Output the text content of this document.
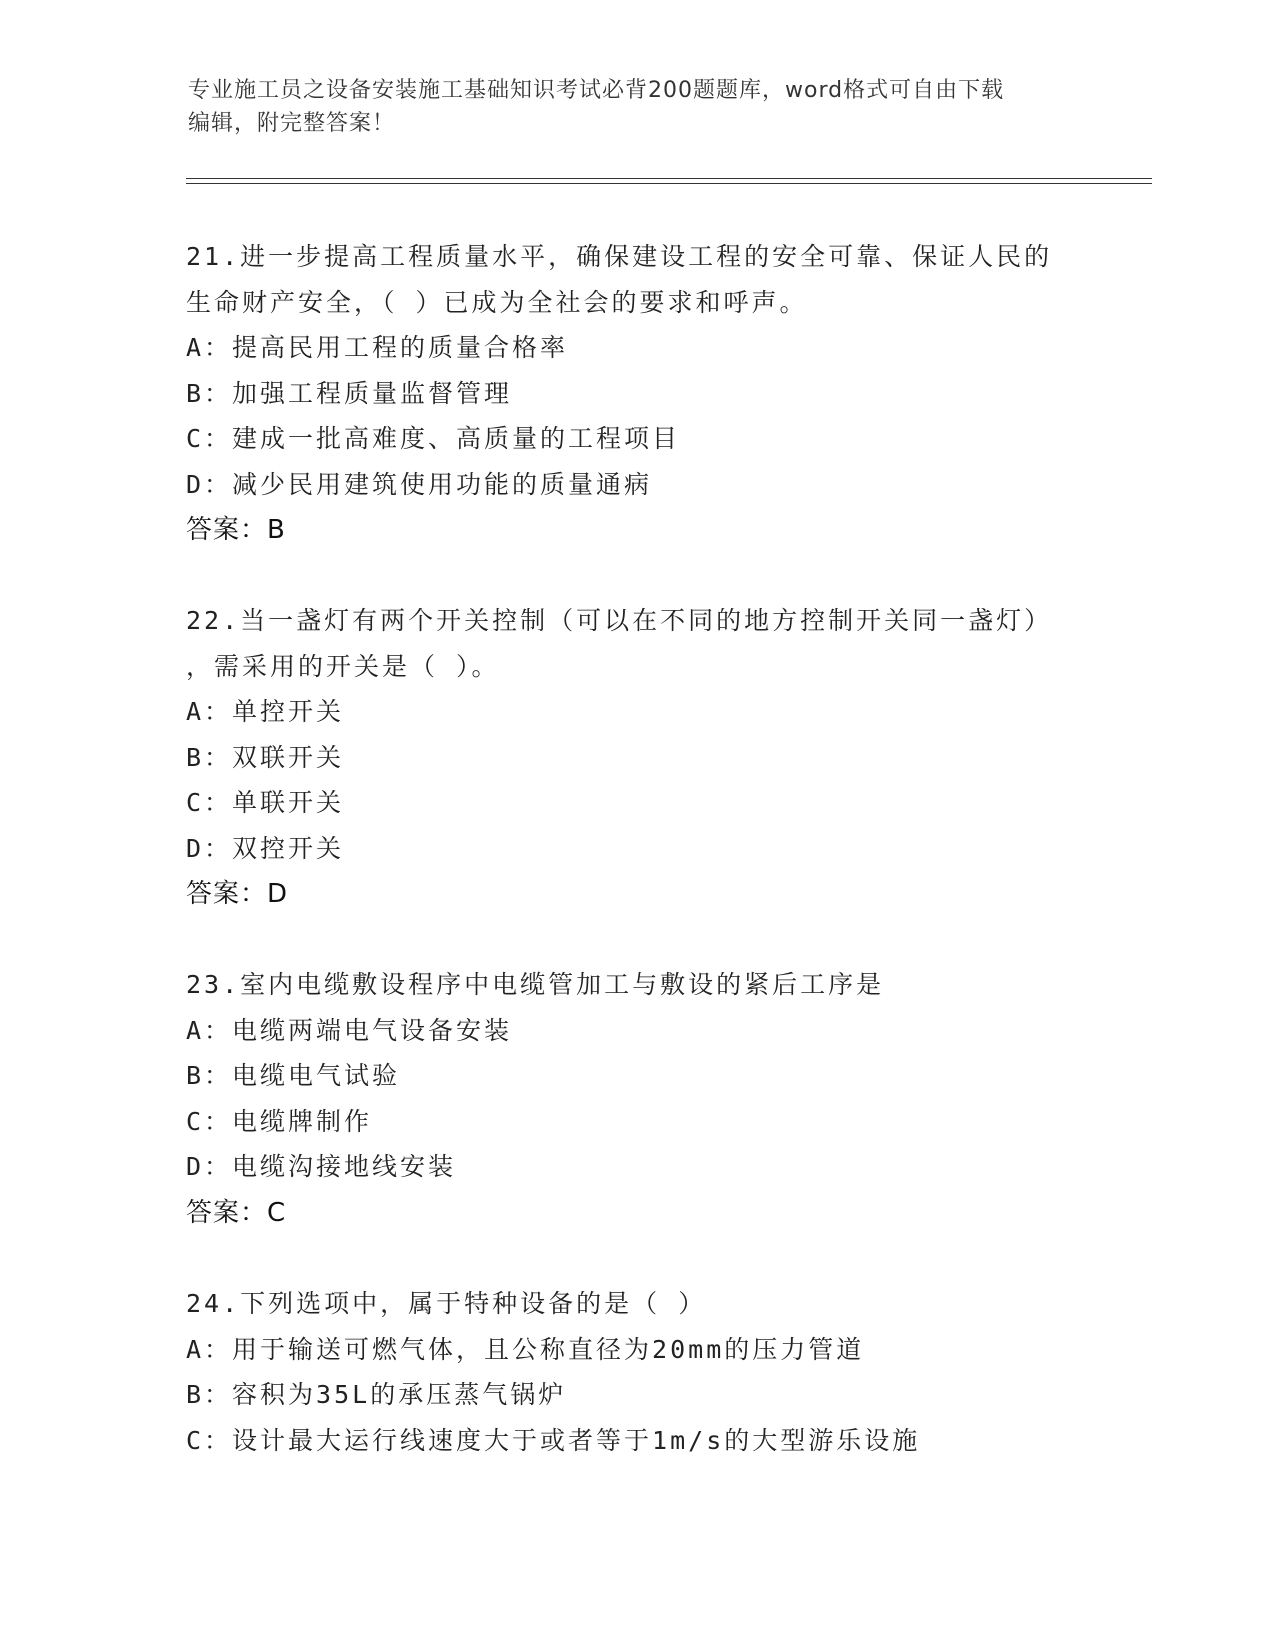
专业施工员之设备安装施工基础知识考试必背200题题库，word格式可自由下载
编辑，附完整答案！
21.进一步提高工程质量水平，确保建设工程的安全可靠、保证人民的
生命财产安全，（ ）已成为全社会的要求和呼声。
A：提高民用工程的质量合格率
B：加强工程质量监督管理
C：建成一批高难度、高质量的工程项目
D：减少民用建筑使用功能的质量通病
答案：B
22.当一盏灯有两个开关控制（可以在不同的地方控制开关同一盏灯）
，需采用的开关是（ ）。
A：单控开关
B：双联开关
C：单联开关
D：双控开关
答案：D
23.室内电缆敷设程序中电缆管加工与敷设的紧后工序是
A：电缆两端电气设备安装
B：电缆电气试验
C：电缆牌制作
D：电缆沟接地线安装
答案：C
24.下列选项中，属于特种设备的是（ ）
A：用于输送可燃气体，且公称直径为20mm的压力管道
B：容积为35L的承压蒸气锅炉
C：设计最大运行线速度大于或者等于1m/s的大型游乐设施
